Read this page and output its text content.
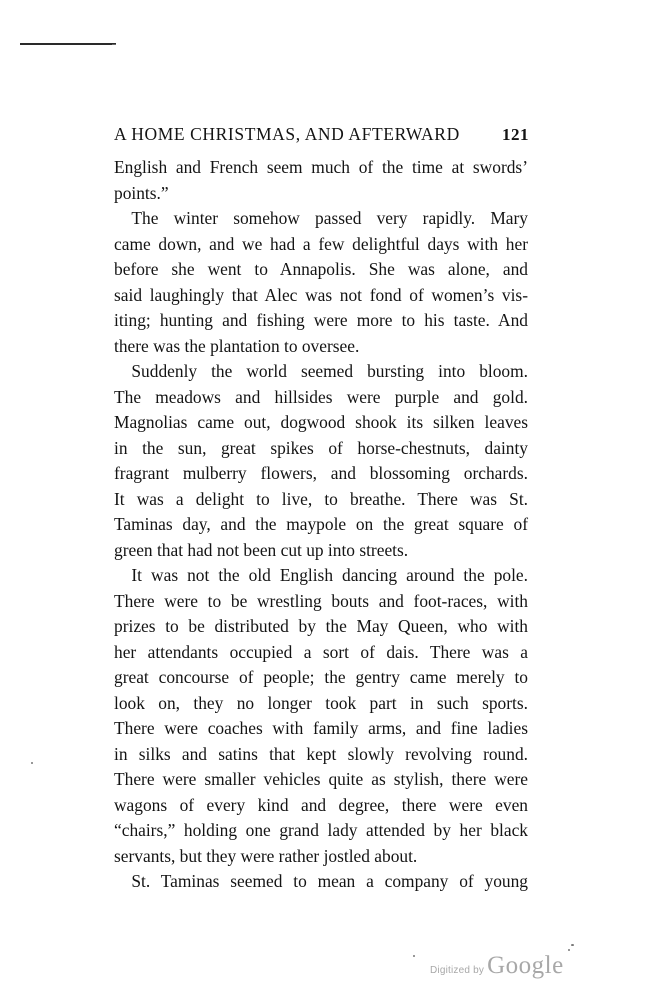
A HOME CHRISTMAS, AND AFTERWARD 121
English and French seem much of the time at swords’
points.”
The winter somehow passed very rapidly. Mary
came down, and we had a few delightful days with her
before she went to Annapolis. She was alone, and
said laughingly that Alec was not fond of women’s vis-
iting; hunting and fishing were more to his taste. And
there was the plantation to oversee.
Suddenly the world seemed bursting into bloom.
The meadows and hillsides were purple and gold.
Magnolias came out, dogwood shook its silken leaves
in the sun, great spikes of horse-chestnuts, dainty
fragrant mulberry flowers, and blossoming orchards.
It was a delight to live, to breathe. There was St.
Taminas day, and the maypole on the great square of
green that had not been cut up into streets.
It was not the old English dancing around the pole.
There were to be wrestling bouts and foot-races, with
prizes to be distributed by the May Queen, who with
her attendants occupied a sort of dais. There was a
great concourse of people; the gentry came merely to
look on, they no longer took part in such sports.
There were coaches with family arms, and fine ladies
in silks and satins that kept slowly revolving round.
There were smaller vehicles quite as stylish, there were
wagons of every kind and degree, there were even
“chairs,” holding one grand lady attended by her black
servants, but they were rather jostled about.
St. Taminas seemed to mean a company of young
Digitized by Google
